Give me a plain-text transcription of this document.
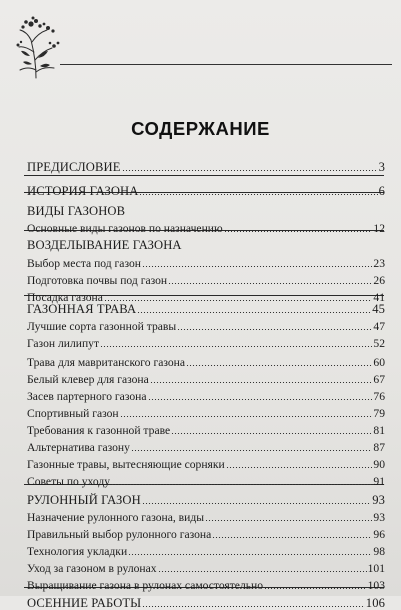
СОДЕРЖАНИЕ
ПРЕДИСЛОВИЕ	3
ИСТОРИЯ ГАЗОНА	6
ВИДЫ ГАЗОНОВ
Основные виды газонов по назначению	12
ВОЗДЕЛЫВАНИЕ ГАЗОНА
Выбор места под газон	23
Подготовка почвы под газон	26
Посадка газона	41
ГАЗОННАЯ ТРАВА	45
Лучшие сорта газонной травы	47
Газон лилипут	52
Трава для мавританского газона	60
Белый клевер для газона	67
Засев партерного газона	76
Спортивный газон	79
Требования к газонной траве	81
Альтернатива газону	87
Газонные травы, вытесняющие сорняки	90
Советы по уходу	91
РУЛОННЫЙ ГАЗОН	93
Назначение рулонного газона, виды	93
Правильный выбор рулонного газона	96
Технология укладки	98
Уход за газоном в рулонах	101
Выращивание газона в рулонах самостоятельно	103
ОСЕННИЕ РАБОТЫ	106
